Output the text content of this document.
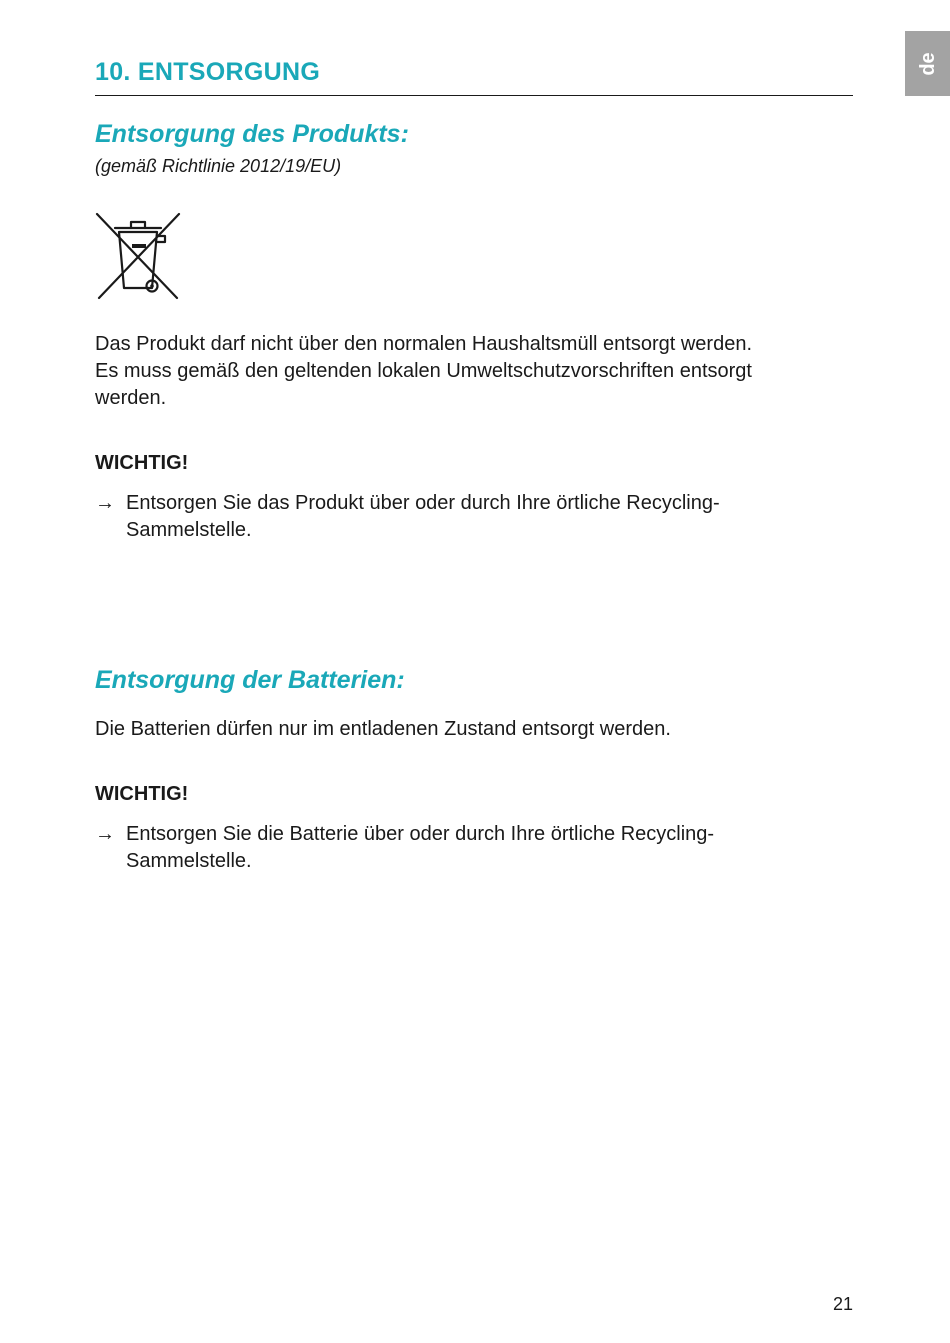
de
10. ENTSORGUNG
Entsorgung des Produkts:
(gemäß Richtlinie 2012/19/EU)

Das Produkt darf nicht über den normalen Haushaltsmüll entsorgt werden.
Es muss gemäß den geltenden lokalen Umweltschutzvorschriften entsorgt
werden.

WICHTIG!
→ Entsorgen Sie das Produkt über oder durch Ihre örtliche Recycling-
Sammelstelle.
Entsorgung der Batterien:

Die Batterien dürfen nur im entladenen Zustand entsorgt werden.

WICHTIG!
→ Entsorgen Sie die Batterie über oder durch Ihre örtliche Recycling-
Sammelstelle.
21
